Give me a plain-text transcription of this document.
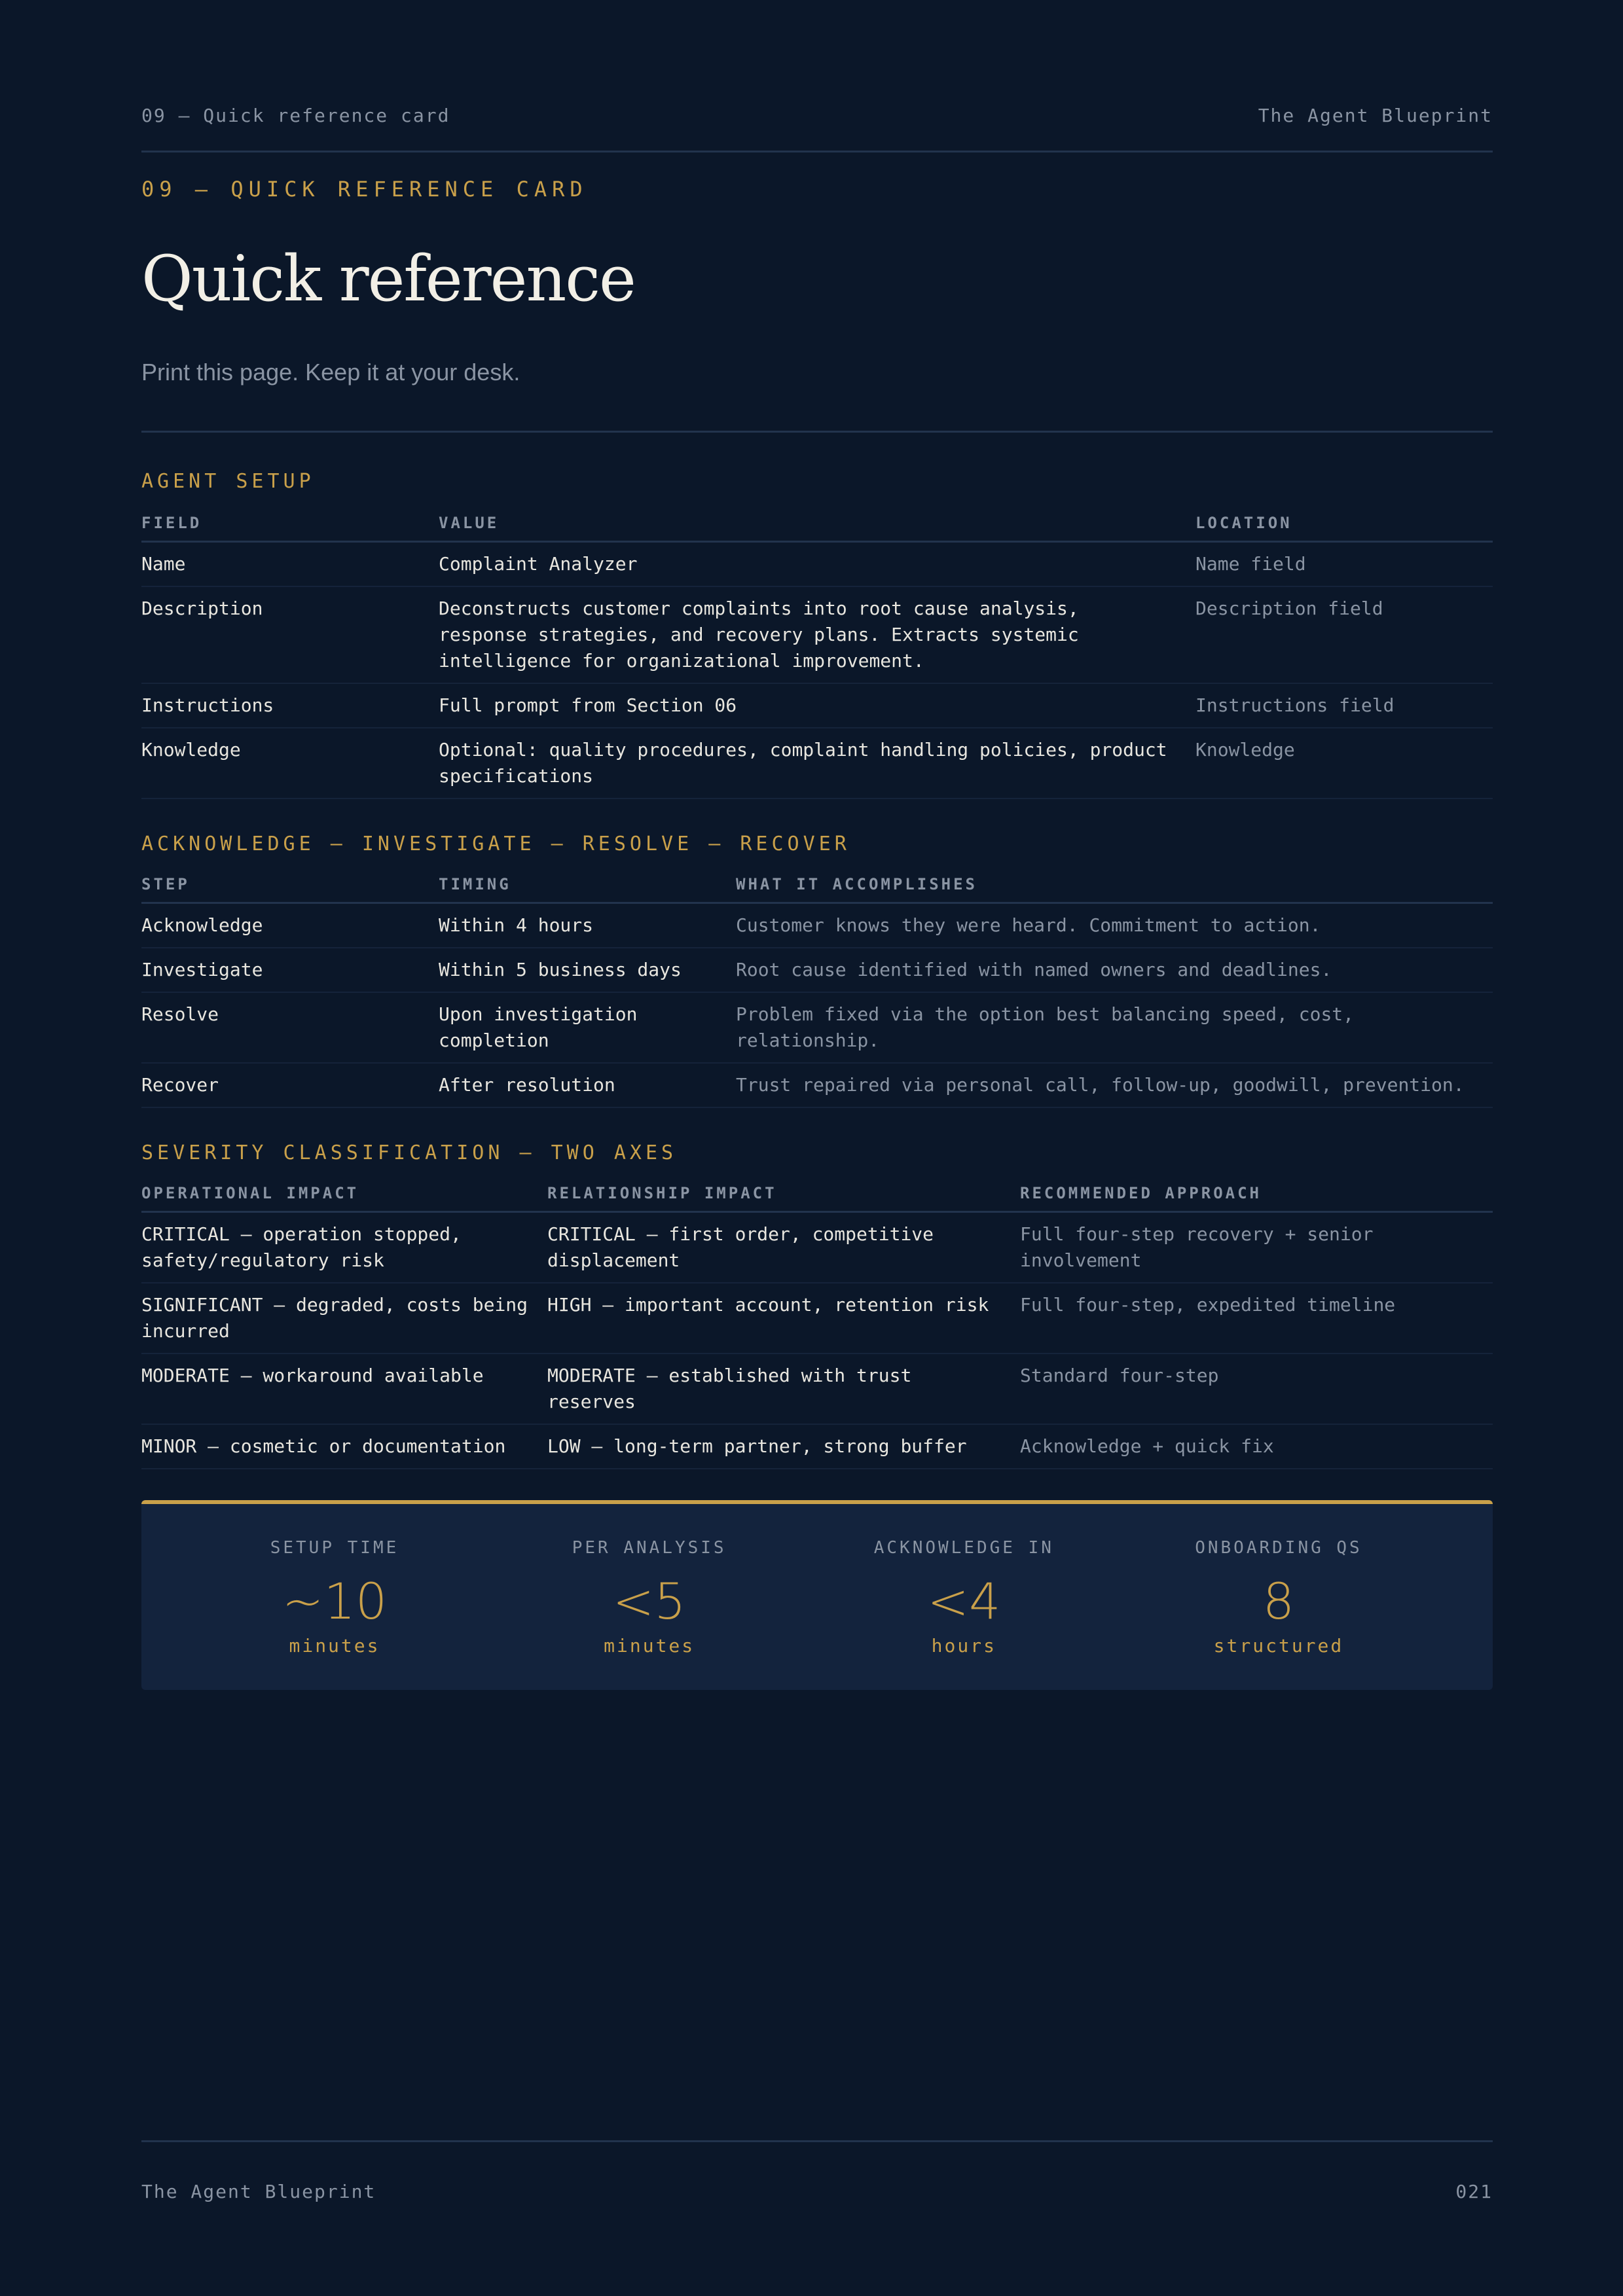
09 — Quick reference card	The Agent Blueprint
09 — QUICK REFERENCE CARD
Quick reference
Print this page. Keep it at your desk.
AGENT SETUP
FIELD	VALUE	LOCATION
Name	Complaint Analyzer	Name field
Description	Deconstructs customer complaints into root cause analysis, response strategies, and recovery plans. Extracts systemic intelligence for organizational improvement.	Description field
Instructions	Full prompt from Section 06	Instructions field
Knowledge	Optional: quality procedures, complaint handling policies, product specifications	Knowledge
ACKNOWLEDGE — INVESTIGATE — RESOLVE — RECOVER
STEP	TIMING	WHAT IT ACCOMPLISHES
Acknowledge	Within 4 hours	Customer knows they were heard. Commitment to action.
Investigate	Within 5 business days	Root cause identified with named owners and deadlines.
Resolve	Upon investigation completion	Problem fixed via the option best balancing speed, cost, relationship.
Recover	After resolution	Trust repaired via personal call, follow-up, goodwill, prevention.
SEVERITY CLASSIFICATION — TWO AXES
OPERATIONAL IMPACT	RELATIONSHIP IMPACT	RECOMMENDED APPROACH
CRITICAL — operation stopped, safety/regulatory risk	CRITICAL — first order, competitive displacement	Full four-step recovery + senior involvement
SIGNIFICANT — degraded, costs being incurred	HIGH — important account, retention risk	Full four-step, expedited timeline
MODERATE — workaround available	MODERATE — established with trust reserves	Standard four-step
MINOR — cosmetic or documentation	LOW — long-term partner, strong buffer	Acknowledge + quick fix
SETUP TIME
~10
minutes
PER ANALYSIS
<5
minutes
ACKNOWLEDGE IN
<4
hours
ONBOARDING QS
8
structured
The Agent Blueprint	021
